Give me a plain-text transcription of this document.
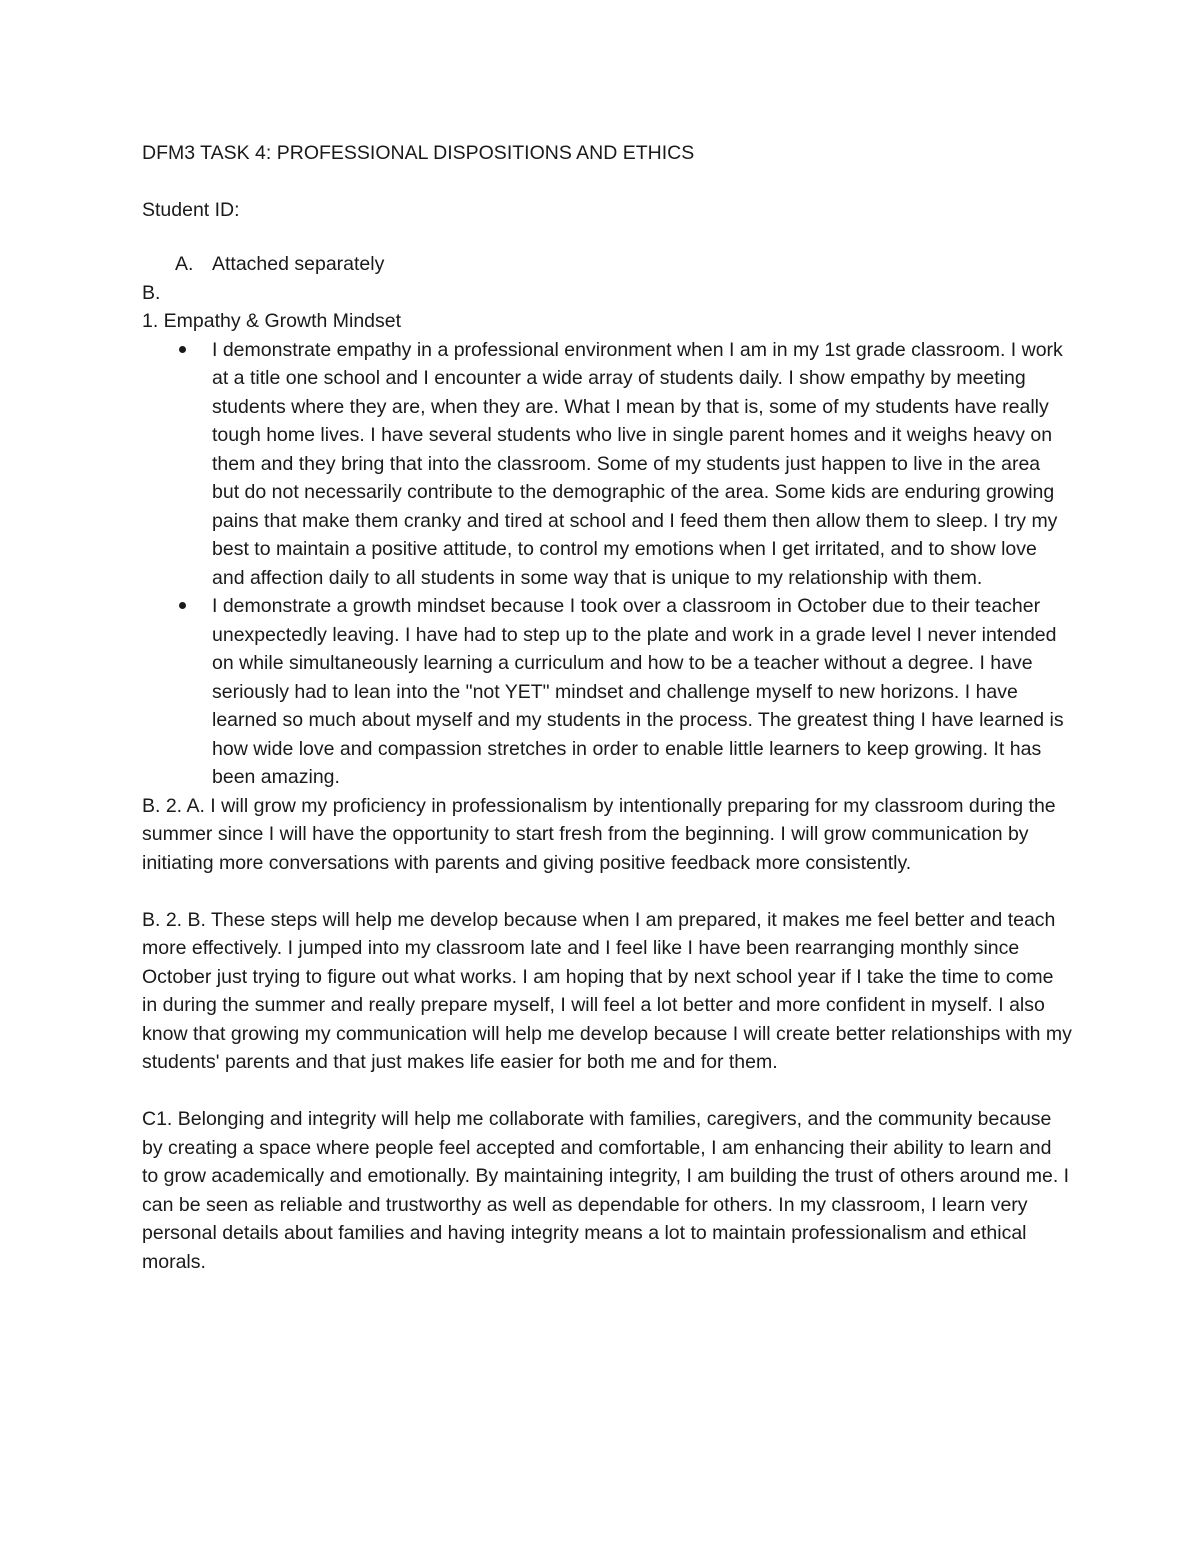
DFM3 TASK 4: PROFESSIONAL DISPOSITIONS AND ETHICS

Student ID:

A. Attached separately

B.

1. Empathy & Growth Mindset

I demonstrate empathy in a professional environment when I am in my 1st grade classroom. I work at a title one school and I encounter a wide array of students daily. I show empathy by meeting students where they are, when they are. What I mean by that is, some of my students have really tough home lives. I have several students who live in single parent homes and it weighs heavy on them and they bring that into the classroom. Some of my students just happen to live in the area but do not necessarily contribute to the demographic of the area. Some kids are enduring growing pains that make them cranky and tired at school and I feed them then allow them to sleep. I try my best to maintain a positive attitude, to control my emotions when I get irritated, and to show love and affection daily to all students in some way that is unique to my relationship with them.
I demonstrate a growth mindset because I took over a classroom in October due to their teacher unexpectedly leaving. I have had to step up to the plate and work in a grade level I never intended on while simultaneously learning a curriculum and how to be a teacher without a degree. I have seriously had to lean into the "not YET" mindset and challenge myself to new horizons. I have learned so much about myself and my students in the process. The greatest thing I have learned is how wide love and compassion stretches in order to enable little learners to keep growing. It has been amazing.

B. 2. A. I will grow my proficiency in professionalism by intentionally preparing for my classroom during the summer since I will have the opportunity to start fresh from the beginning. I will grow communication by initiating more conversations with parents and giving positive feedback more consistently.

B. 2. B. These steps will help me develop because when I am prepared, it makes me feel better and teach more effectively. I jumped into my classroom late and I feel like I have been rearranging monthly since October just trying to figure out what works. I am hoping that by next school year if I take the time to come in during the summer and really prepare myself, I will feel a lot better and more confident in myself. I also know that growing my communication will help me develop because I will create better relationships with my students' parents and that just makes life easier for both me and for them.

C1. Belonging and integrity will help me collaborate with families, caregivers, and the community because by creating a space where people feel accepted and comfortable, I am enhancing their ability to learn and to grow academically and emotionally. By maintaining integrity, I am building the trust of others around me. I can be seen as reliable and trustworthy as well as dependable for others. In my classroom, I learn very personal details about families and having integrity means a lot to maintain professionalism and ethical morals.
